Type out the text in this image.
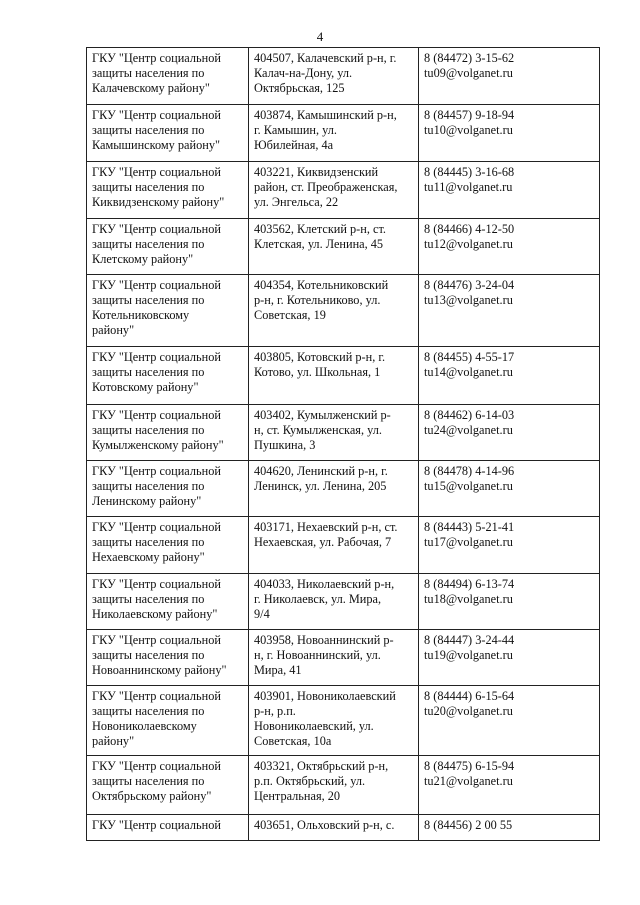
4
ГКУ "Центр социальной
защиты населения по
Калачевскому району"	404507, Калачевский р-н, г.
Калач-на-Дону, ул.
Октябрьская, 125	8 (84472) 3-15-62
tu09@volganet.ru

ГКУ "Центр социальной
защиты населения по
Камышинскому району"	403874, Камышинский р-н,
г. Камышин, ул.
Юбилейная, 4а	8 (84457) 9-18-94
tu10@volganet.ru

ГКУ "Центр социальной
защиты населения по
Киквидзенскому району"	403221, Киквидзенский
район, ст. Преображенская,
ул. Энгельса, 22	8 (84445) 3-16-68
tu11@volganet.ru

ГКУ "Центр социальной
защиты населения по
Клетскому району"	403562, Клетский р-н, ст.
Клетская, ул. Ленина, 45	8 (84466) 4-12-50
tu12@volganet.ru

ГКУ "Центр социальной
защиты населения по
Котельниковскому
району"	404354, Котельниковский
р-н, г. Котельниково, ул.
Советская, 19	8 (84476) 3-24-04
tu13@volganet.ru

ГКУ "Центр социальной
защиты населения по
Котовскому району"	403805, Котовский р-н, г.
Котово, ул. Школьная, 1	8 (84455) 4-55-17
tu14@volganet.ru

ГКУ "Центр социальной
защиты населения по
Кумылженскому району"	403402, Кумылженский р-
н, ст. Кумылженская, ул.
Пушкина, 3	8 (84462) 6-14-03
tu24@volganet.ru

ГКУ "Центр социальной
защиты населения по
Ленинскому району"	404620, Ленинский р-н, г.
Ленинск, ул. Ленина, 205	8 (84478) 4-14-96
tu15@volganet.ru

ГКУ "Центр социальной
защиты населения по
Нехаевскому району"	403171, Нехаевский р-н, ст.
Нехаевская, ул. Рабочая, 7	8 (84443) 5-21-41
tu17@volganet.ru

ГКУ "Центр социальной
защиты населения по
Николаевскому району"	404033, Николаевский р-н,
г. Николаевск, ул. Мира,
9/4	8 (84494) 6-13-74
tu18@volganet.ru

ГКУ "Центр социальной
защиты населения по
Новоаннинскому району"	403958, Новоаннинский р-
н, г. Новоаннинский, ул.
Мира, 41	8 (84447) 3-24-44
tu19@volganet.ru

ГКУ "Центр социальной
защиты населения по
Новониколаевскому
району"	403901, Новониколаевский
р-н, р.п.
Новониколаевский, ул.
Советская, 10а	8 (84444) 6-15-64
tu20@volganet.ru

ГКУ "Центр социальной
защиты населения по
Октябрьскому району"	403321, Октябрьский р-н,
р.п. Октябрьский, ул.
Центральная, 20	8 (84475) 6-15-94
tu21@volganet.ru

ГКУ "Центр социальной	403651, Ольховский р-н, с.	8 (84456) 2 00 55
